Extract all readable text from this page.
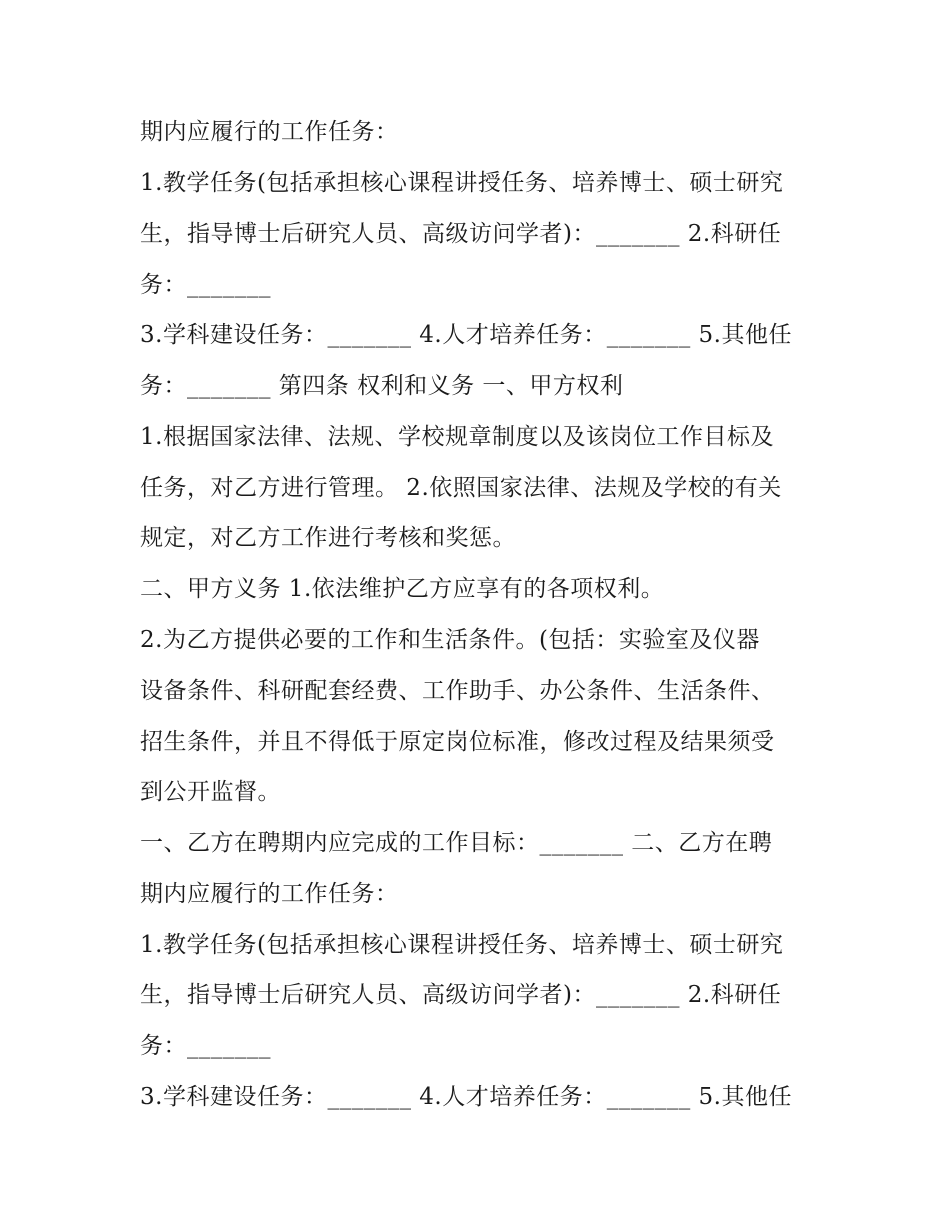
期内应履行的工作任务：
1.教学任务(包括承担核心课程讲授任务、培养博士、硕士研究
生，指导博士后研究人员、高级访问学者)：_______ 2.科研任
务：_______
3.学科建设任务：_______ 4.人才培养任务：_______ 5.其他任
务：_______ 第四条 权利和义务 一、甲方权利
1.根据国家法律、法规、学校规章制度以及该岗位工作目标及
任务，对乙方进行管理。 2.依照国家法律、法规及学校的有关
规定，对乙方工作进行考核和奖惩。
二、甲方义务 1.依法维护乙方应享有的各项权利。
2.为乙方提供必要的工作和生活条件。(包括：实验室及仪器
设备条件、科研配套经费、工作助手、办公条件、生活条件、
招生条件，并且不得低于原定岗位标准，修改过程及结果须受
到公开监督。
一、乙方在聘期内应完成的工作目标：_______ 二、乙方在聘
期内应履行的工作任务：
1.教学任务(包括承担核心课程讲授任务、培养博士、硕士研究
生，指导博士后研究人员、高级访问学者)：_______ 2.科研任
务：_______
3.学科建设任务：_______ 4.人才培养任务：_______ 5.其他任
